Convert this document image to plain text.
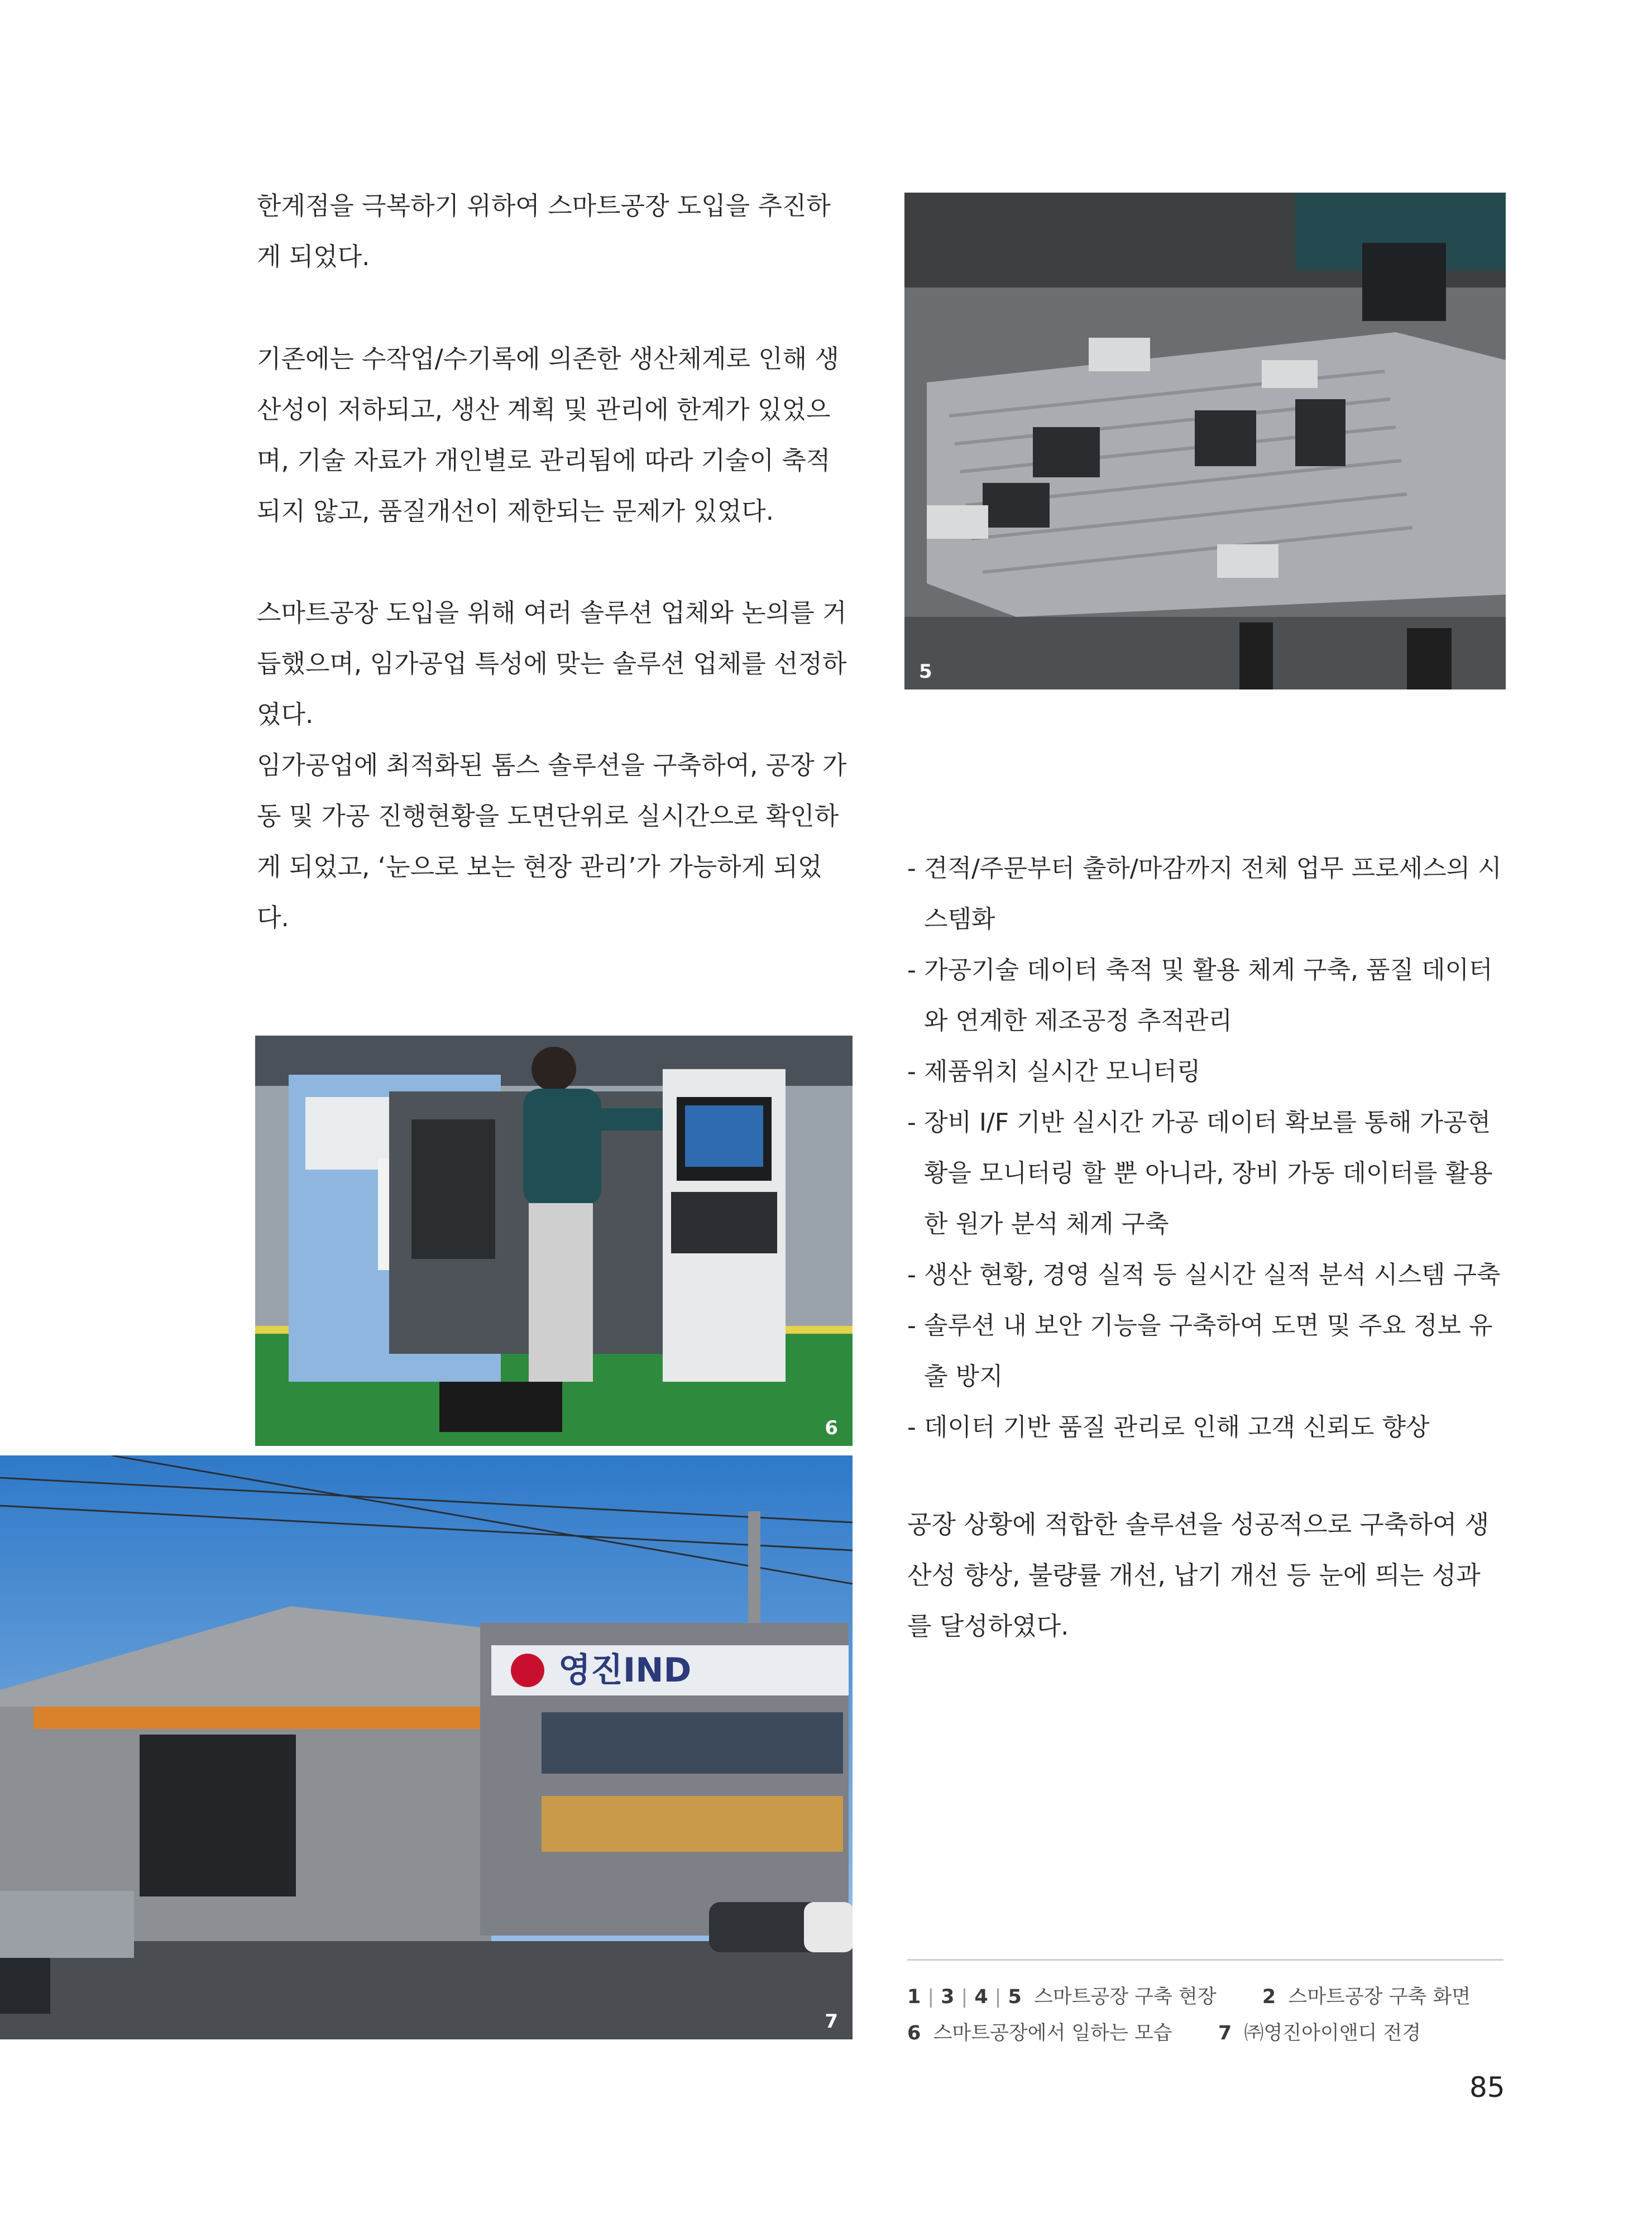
한계점을 극복하기 위하여 스마트공장 도입을 추진하게 되었다.

기존에는 수작업/수기록에 의존한 생산체계로 인해 생산성이 저하되고, 생산 계획 및 관리에 한계가 있었으며, 기술 자료가 개인별로 관리됨에 따라 기술이 축적되지 않고, 품질개선이 제한되는 문제가 있었다.

스마트공장 도입을 위해 여러 솔루션 업체와 논의를 거듭했으며, 임가공업 특성에 맞는 솔루션 업체를 선정하였다.

임가공업에 최적화된 톰스 솔루션을 구축하여, 공장 가동 및 가공 진행현황을 도면단위로 실시간으로 확인하게 되었고, ‘눈으로 보는 현장 관리’가 가능하게 되었다.

5
6
영진IND
7
- 견적/주문부터 출하/마감까지 전체 업무 프로세스의 시스템화
- 가공기술 데이터 축적 및 활용 체계 구축, 품질 데이터와 연계한 제조공정 추적관리
- 제품위치 실시간 모니터링
- 장비 I/F 기반 실시간 가공 데이터 확보를 통해 가공현황을 모니터링 할 뿐 아니라, 장비 가동 데이터를 활용한 원가 분석 체계 구축
- 생산 현황, 경영 실적 등 실시간 실적 분석 시스템 구축
- 솔루션 내 보안 기능을 구축하여 도면 및 주요 정보 유출 방지
- 데이터 기반 품질 관리로 인해 고객 신뢰도 향상

공장 상황에 적합한 솔루션을 성공적으로 구축하여 생산성 향상, 불량률 개선, 납기 개선 등 눈에 띄는 성과를 달성하였다.

1 | 3 | 4 | 5 스마트공장 구축 현장 2 스마트공장 구축 화면
6 스마트공장에서 일하는 모습 7 ㈜영진아이앤디 전경
85
